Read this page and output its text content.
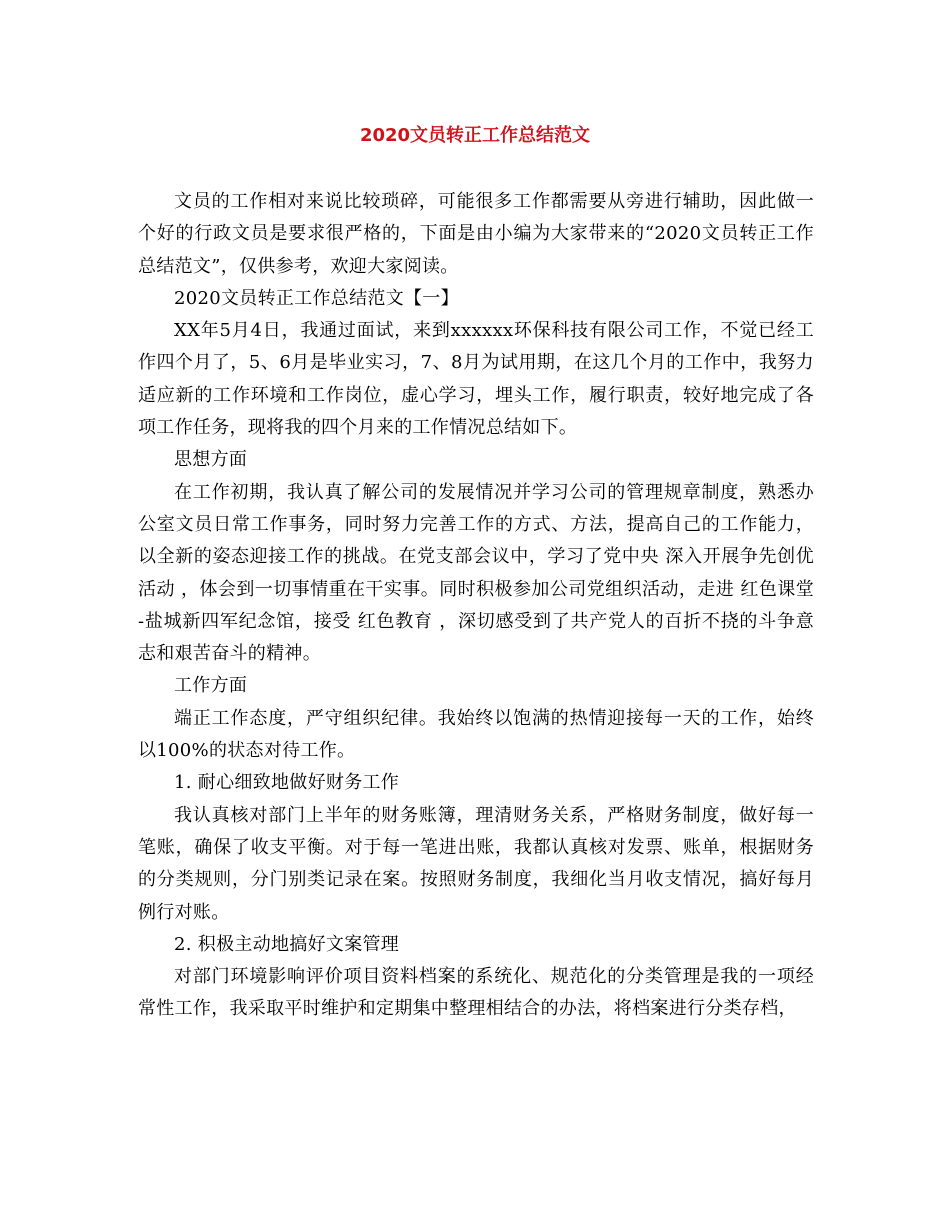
2020文员转正工作总结范文

文员的工作相对来说比较琐碎，可能很多工作都需要从旁进行辅助，因此做一个好的行政文员是要求很严格的，下面是由小编为大家带来的“2020文员转正工作总结范文”，仅供参考，欢迎大家阅读。

2020文员转正工作总结范文【一】

XX年5月4日，我通过面试，来到xxxxxx环保科技有限公司工作，不觉已经工作四个月了，5、6月是毕业实习，7、8月为试用期，在这几个月的工作中，我努力适应新的工作环境和工作岗位，虚心学习，埋头工作，履行职责，较好地完成了各项工作任务，现将我的四个月来的工作情况总结如下。

思想方面

在工作初期，我认真了解公司的发展情况并学习公司的管理规章制度，熟悉办公室文员日常工作事务，同时努力完善工作的方式、方法，提高自己的工作能力，以全新的姿态迎接工作的挑战。在党支部会议中，学习了党中央 深入开展争先创优活动 ，体会到一切事情重在干实事。同时积极参加公司党组织活动，走进 红色课堂 -盐城新四军纪念馆，接受 红色教育 ，深切感受到了共产党人的百折不挠的斗争意志和艰苦奋斗的精神。

工作方面

端正工作态度，严守组织纪律。我始终以饱满的热情迎接每一天的工作，始终以100%的状态对待工作。

1. 耐心细致地做好财务工作

我认真核对部门上半年的财务账簿，理清财务关系，严格财务制度，做好每一笔账，确保了收支平衡。对于每一笔进出账，我都认真核对发票、账单，根据财务的分类规则，分门别类记录在案。按照财务制度，我细化当月收支情况，搞好每月例行对账。

2. 积极主动地搞好文案管理

对部门环境影响评价项目资料档案的系统化、规范化的分类管理是我的一项经常性工作，我采取平时维护和定期集中整理相结合的办法，将档案进行分类存档，
